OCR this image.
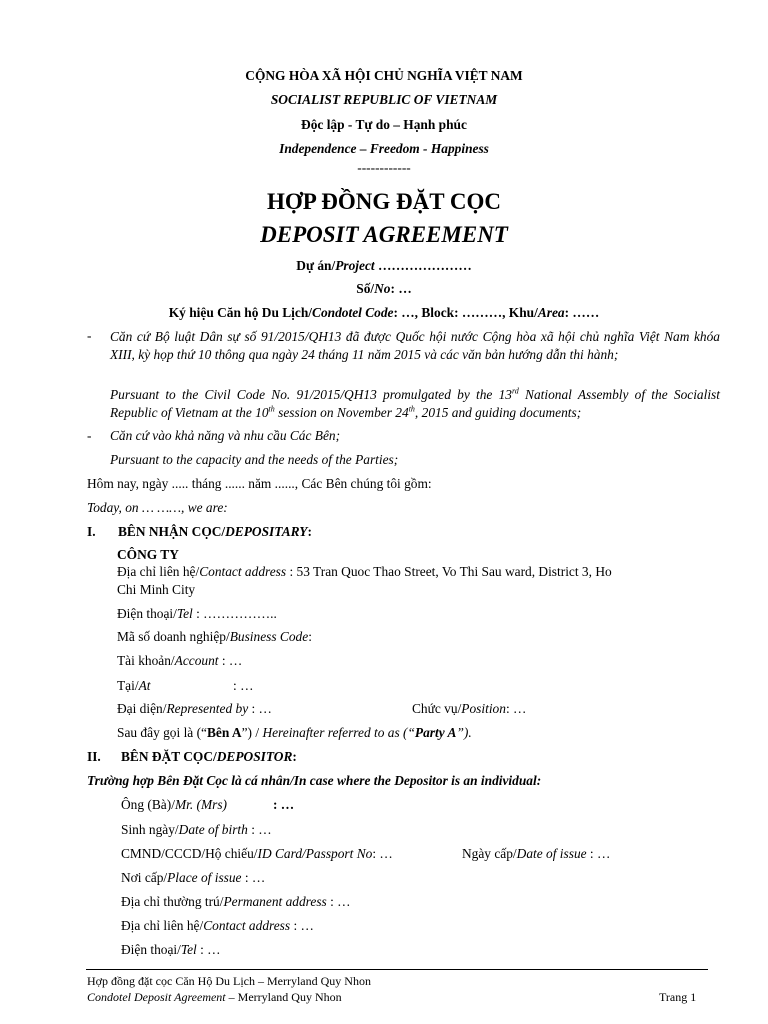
CỘNG HÒA XÃ HỘI CHỦ NGHĨA VIỆT NAM
SOCIALIST REPUBLIC OF VIETNAM
Độc lập - Tự do – Hạnh phúc
Independence – Freedom - Happiness
------------
HỢP ĐỒNG ĐẶT CỌC
DEPOSIT AGREEMENT
Dự án/Project …………………
Số/No: …
Ký hiệu Căn hộ Du Lịch/Condotel Code: …, Block: ………, Khu/Area: ……
- Căn cứ Bộ luật Dân sự số 91/2015/QH13 đã được Quốc hội nước Cộng hòa xã hội chủ nghĩa Việt Nam khóa XIII, kỳ họp thứ 10 thông qua ngày 24 tháng 11 năm 2015 và các văn bản hướng dẫn thi hành;
Pursuant to the Civil Code No. 91/2015/QH13 promulgated by the 13rd National Assembly of the Socialist Republic of Vietnam at the 10th session on November 24th, 2015 and guiding documents;
- Căn cứ vào khả năng và nhu cầu Các Bên;
Pursuant to the capacity and the needs of the Parties;
Hôm nay, ngày ..... tháng ...... năm ......, Các Bên chúng tôi gồm:
Today, on … ……, we are:
I. BÊN NHẬN CỌC/DEPOSITARY:
CÔNG TY
Địa chỉ liên hệ/Contact address : 53 Tran Quoc Thao Street, Vo Thi Sau ward, District 3, Ho
Chi Minh City
Điện thoại/Tel : ……………..
Mã số doanh nghiệp/Business Code:
Tài khoản/Account : …
Tại/At	: …
Đại diện/Represented by : …	Chức vụ/Position: …
Sau đây gọi là (“Bên A”) / Hereinafter referred to as (“Party A”).
II. BÊN ĐẶT CỌC/DEPOSITOR:
Trường hợp Bên Đặt Cọc là cá nhân/In case where the Depositor is an individual:
Ông (Bà)/Mr. (Mrs)	: …
Sinh ngày/Date of birth : …
CMND/CCCD/Hộ chiếu/ID Card/Passport No: …	Ngày cấp/Date of issue : …
Nơi cấp/Place of issue : …
Địa chỉ thường trú/Permanent address : …
Địa chỉ liên hệ/Contact address : …
Điện thoại/Tel : …
Hợp đồng đặt cọc Căn Hộ Du Lịch – Merryland Quy Nhon
Condotel Deposit Agreement – Merryland Quy Nhon	Trang 1
